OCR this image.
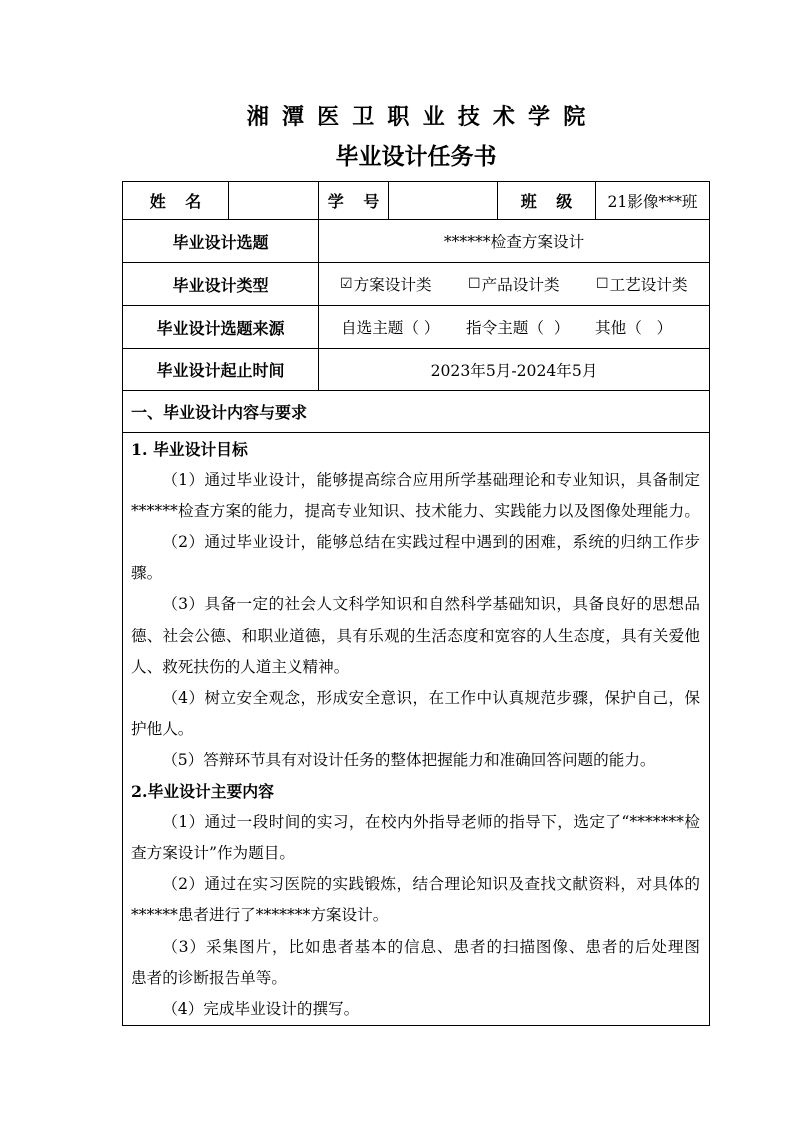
湘 潭 医 卫 职 业 技 术 学 院
毕业设计任务书
姓 名	学 号	班 级	21影像***班
毕业设计选题	******检查方案设计
毕业设计类型	☑ 方案设计类	☐ 产品设计类	☐ 工艺设计类
毕业设计选题来源	自选主题（ ） 指令主题（  ） 其他（   ）
毕业设计起止时间	2023年5月-2024年5月
一、毕业设计内容与要求
1. 毕业设计目标
（1）通过毕业设计，能够提高综合应用所学基础理论和专业知识，具备制定
******检查方案的能力，提高专业知识、技术能力、实践能力以及图像处理能力。
（2）通过毕业设计，能够总结在实践过程中遇到的困难，系统的归纳工作步
骤。
（3）具备一定的社会人文科学知识和自然科学基础知识，具备良好的思想品
德、社会公德、和职业道德，具有乐观的生活态度和宽容的人生态度，具有关爱他
人、救死扶伤的人道主义精神。
（4）树立安全观念，形成安全意识，在工作中认真规范步骤，保护自己，保
护他人。
（5）答辩环节具有对设计任务的整体把握能力和准确回答问题的能力。
2.毕业设计主要内容
（1）通过一段时间的实习，在校内外指导老师的指导下，选定了“*******检
查方案设计”作为题目。
（2）通过在实习医院的实践锻炼，结合理论知识及查找文献资料，对具体的
******患者进行了*******方案设计。
（3）采集图片，比如患者基本的信息、患者的扫描图像、患者的后处理图
患者的诊断报告单等。
（4）完成毕业设计的撰写。
